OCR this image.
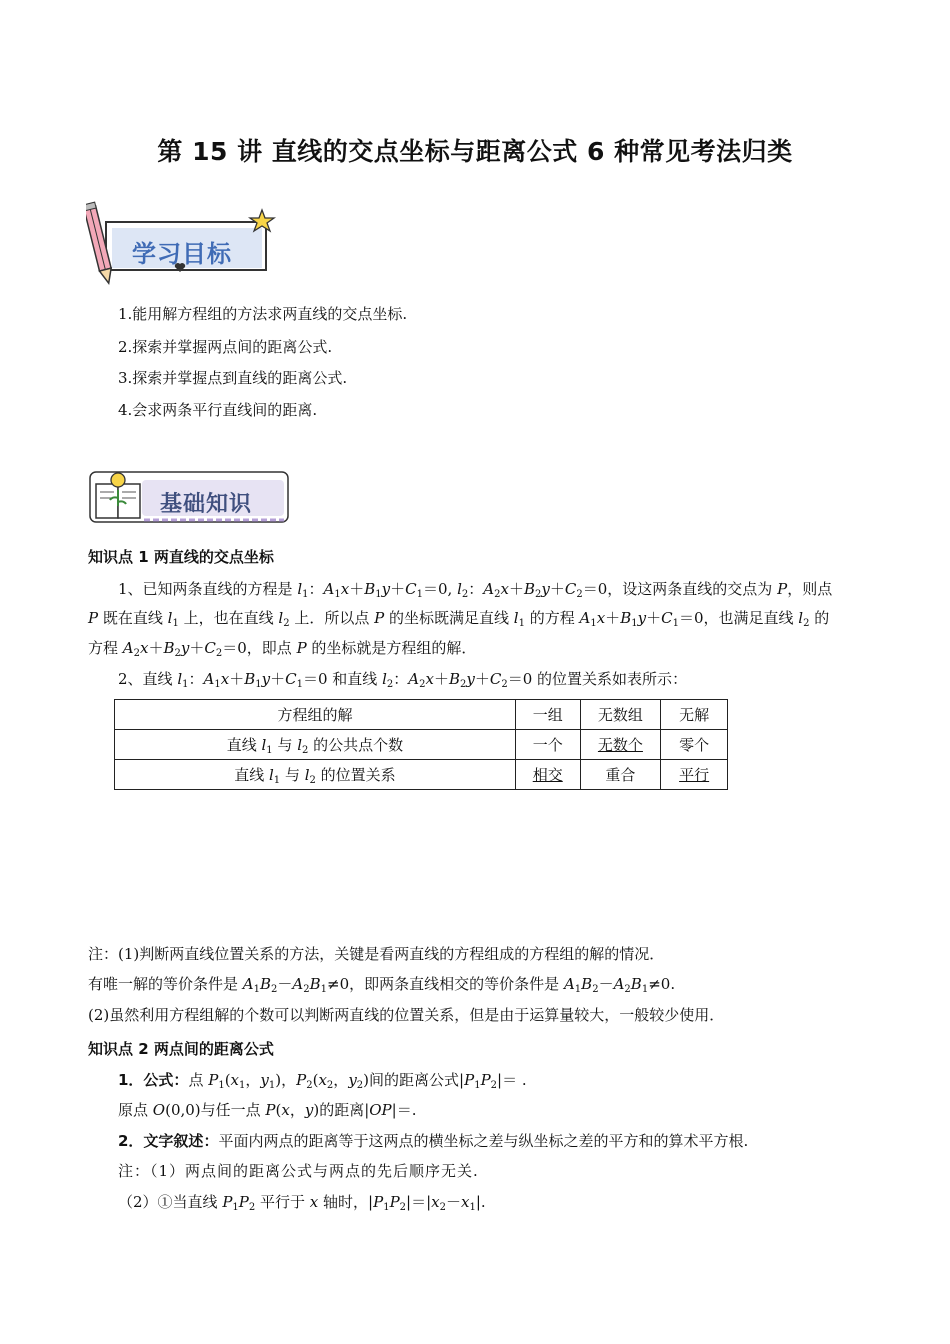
第 15 讲 直线的交点坐标与距离公式 6 种常见考法归类
学习目标
1.能用解方程组的方法求两直线的交点坐标.
2.探索并掌握两点间的距离公式.
3.探索并掌握点到直线的距离公式.
4.会求两条平行直线间的距离.
基础知识
知识点 1 两直线的交点坐标
1、已知两条直线的方程是 $l_1$：$A_1x+B_1y+C_1=0$, $l_2$：$A_2x+B_2y+C_2=0$，设这两条直线的交点为 P，则点
P 既在直线 $l_1$ 上，也在直线 $l_2$ 上．所以点 P 的坐标既满足直线 $l_1$ 的方程 $A_1x+B_1y+C_1=0$，也满足直线 $l_2$ 的
方程 $A_2x+B_2y+C_2=0$，即点 P 的坐标就是方程组的解．
2、直线 $l_1$：$A_1x+B_1y+C_1=0$ 和直线 $l_2$：$A_2x+B_2y+C_2=0$ 的位置关系如表所示：
方程组的解	一组	无数组	无解
直线 $l_1$ 与 $l_2$ 的公共点个数	一个	无数个	零个
直线 $l_1$ 与 $l_2$ 的位置关系	相交	重合	平行
注：(1)判断两直线位置关系的方法，关键是看两直线的方程组成的方程组的解的情况．
有唯一解的等价条件是 $A_1B_2-A_2B_1\ne 0$，即两条直线相交的等价条件是 $A_1B_2-A_2B_1\ne 0$.
(2)虽然利用方程组解的个数可以判断两直线的位置关系，但是由于运算量较大，一般较少使用．
知识点 2 两点间的距离公式
1．公式：点 $P_1(x_1$，$y_1$)，$P_2(x_2$，$y_2$)间的距离公式$|P_1P_2|=$ .
原点 O(0,0)与任一点 P(x，y)的距离|OP|＝.
2．文字叙述：平面内两点的距离等于这两点的横坐标之差与纵坐标之差的平方和的算术平方根.
注：（1）两点间的距离公式与两点的先后顺序无关.
（2）①当直线 $P_1P_2$ 平行于 x 轴时，$|P_1P_2|=|x_2-x_1|$.
